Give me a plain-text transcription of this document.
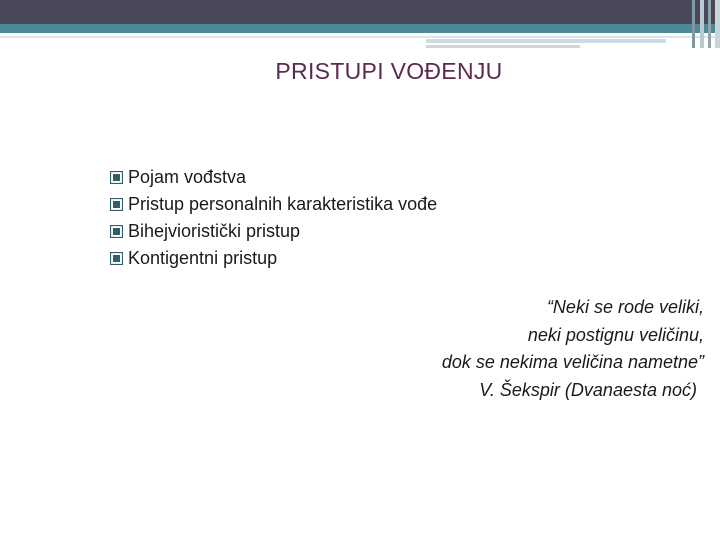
PRISTUPI VOĐENJU
Pojam vođstva
Pristup personalnih karakteristika vođe
Bihejvioristički pristup
Kontigentni pristup
“Neki se rode veliki,
neki postignu veličinu,
dok se nekima veličina nametne”
V. Šekspir (Dvanaesta noć)
